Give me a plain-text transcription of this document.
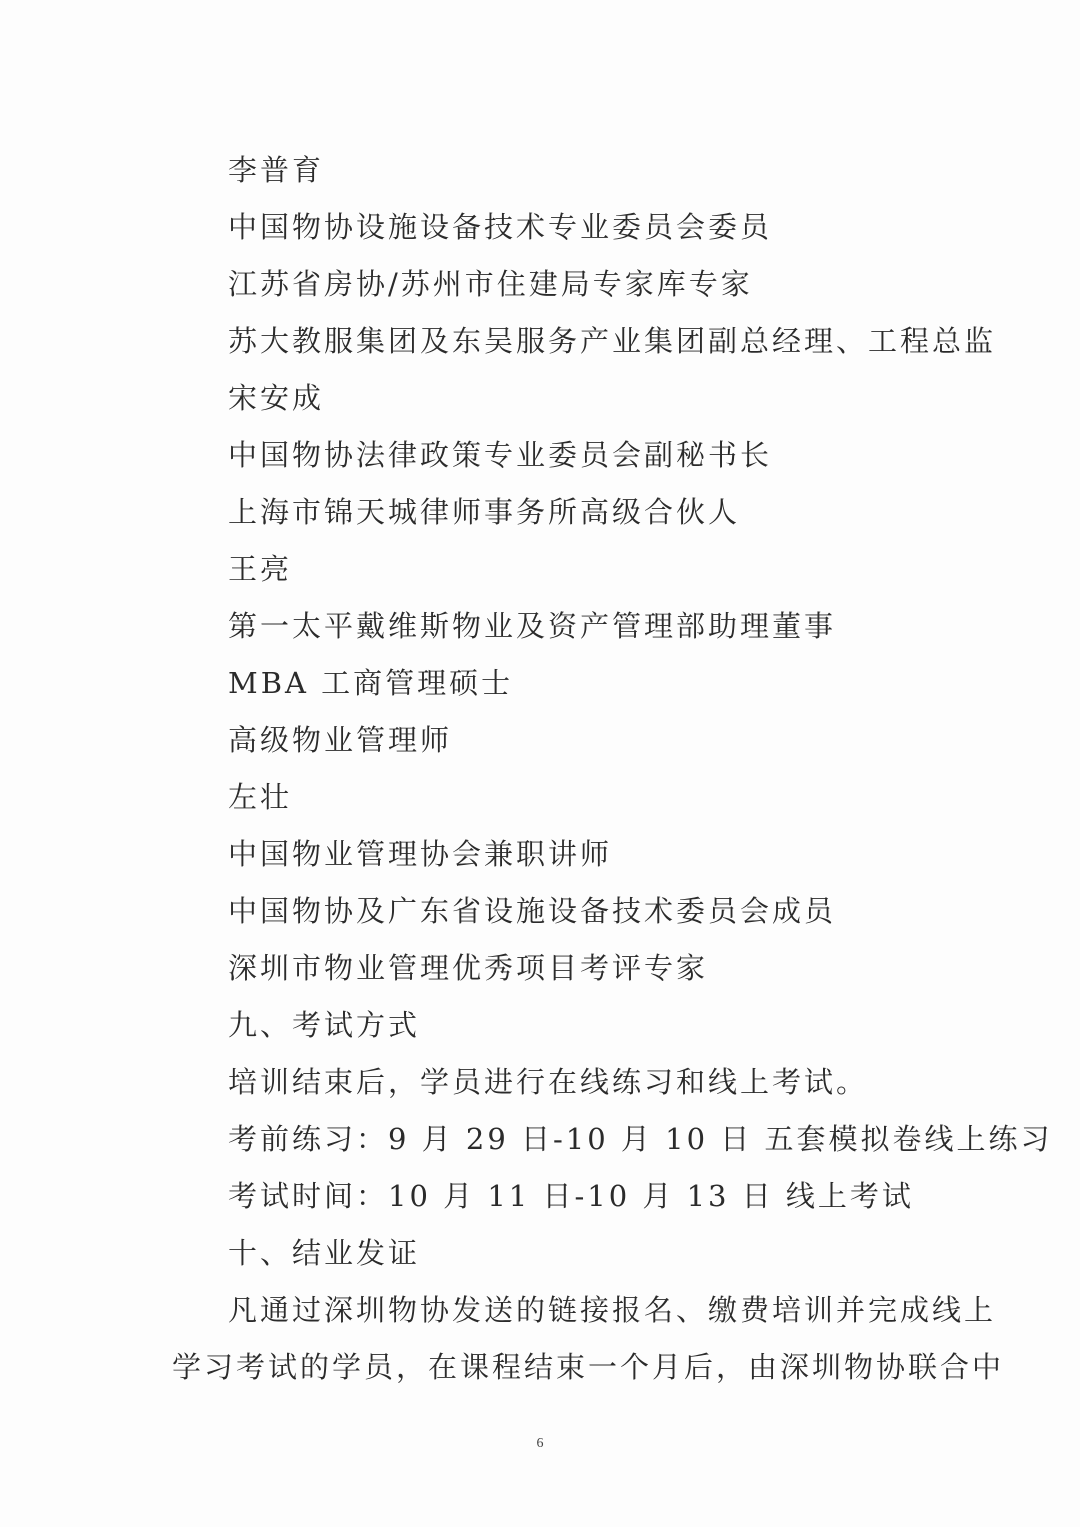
李普育
中国物协设施设备技术专业委员会委员
江苏省房协/苏州市住建局专家库专家
苏大教服集团及东吴服务产业集团副总经理、工程总监
宋安成
中国物协法律政策专业委员会副秘书长
上海市锦天城律师事务所高级合伙人
王亮
第一太平戴维斯物业及资产管理部助理董事
MBA 工商管理硕士
高级物业管理师
左壮
中国物业管理协会兼职讲师
中国物协及广东省设施设备技术委员会成员
深圳市物业管理优秀项目考评专家
九、考试方式
培训结束后，学员进行在线练习和线上考试。
考前练习：9 月 29 日-10 月 10 日 五套模拟卷线上练习
考试时间：10 月 11 日-10 月 13 日 线上考试
十、结业发证
凡通过深圳物协发送的链接报名、缴费培训并完成线上
学习考试的学员，在课程结束一个月后，由深圳物协联合中
6
